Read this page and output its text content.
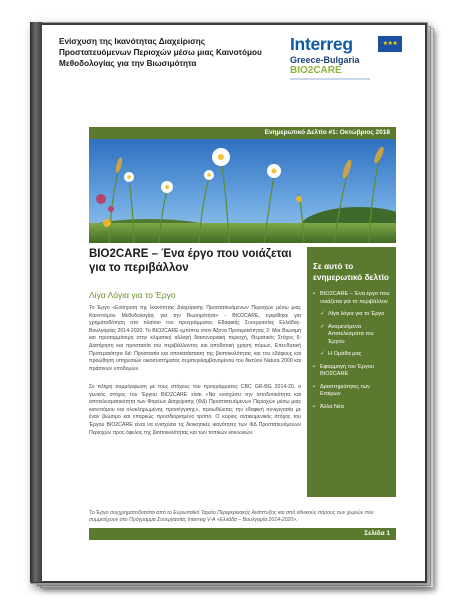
Ενίσχυση της Ικανότητας Διαχείρισης Προστατευόμενων Περιοχών μέσω μιας Καινοτόμου Μεθοδολογίας για την Βιωσιμότητα
Interreg	★★★
Greece-Bulgaria
BIO2CARE
Ενημερωτικό Δελτίο #1: Οκτώβριος 2018
BIO2CARE – Ένα έργο που νοιάζεται για το περιβάλλον
Λίγα Λόγια για το Έργο

Το Έργο «Ενίσχυση της Ικανότητας Διαχείρισης Προστατευόμενων Περιοχών μέσω μιας Καινοτόμου Μεθοδολογίας για την Βιωσιμότητα» - BIO2CARE, εγκρίθηκε για χρηματοδότηση στο πλαίσιο του προγράμματος Εδαφικής Συνεργασίας Ελλάδας-Βουλγαρίας 2014-2020. Το BIO2CARE εμπίπτει στον Άξονα Προτεραιότητας 2: Μια Βιώσιμη και προσαρμόσιμη στην κλιματική αλλαγή διασυνοριακή περιοχή, Θεματικός Στόχος 6: Διατήρηση και προστασία του περιβάλλοντος και αποδοτική χρήση πόρων, Επενδυτική Προτεραιότητα 6d: Προστασία και αποκατάσταση της βιοποικιλότητας και του εδάφους και προώθηση υπηρεσιών οικοσυστήματος συμπεριλαμβανομένου του δικτύου Natura 2000 και πράσινων υποδομών.

Σε πλήρη συμμόρφωση με τους στόχους του προγράμματος CBC GR-BG 2014-20, ο γενικός στόχος του Έργου BIO2CARE είναι «Να ενισχύσει την αποδοτικότητα και αποτελεσματικότητα των Φορέων Διαχείρισης (ΦΔ) Προστατευόμενων Περιοχών μέσω μιας καινοτόμου και ολοκληρωμένης προσέγγισης», προωθώντας την εδαφική συνεργασία με έναν βιώσιμο και επαρκώς προσδιορισμένο τρόπο. Ο κύριος αντικειμενικός στόχος του Έργου BIO2CARE είναι να ενισχύσει τις διοικητικές ικανότητες των ΦΔ Προστατευόμενων Περιοχών προς όφελος της βιοποικιλότητας και των τοπικών κοινωνιών.

Σε αυτό το ενημερωτικό δελτίο
• BIO2CARE – Ένα έργο που νοιάζεται για το περιβάλλον
✓ Λίγα λόγια για το Έργο
✓ Αναμενόμενα Αποτελέσματα του Έργου
✓ Η Ομάδα μας
• Εφαρμογή του Έργου BIO2CARE
• Δραστηριότητες των Εταίρων
• Άλλα Νέα

Το Έργο συγχρηματοδοτείται από το Ευρωπαϊκό Ταμείο Περιφερειακής Ανάπτυξης και από εθνικούς πόρους των χωρών που συμμετέχουν στο Πρόγραμμα Συνεργασίας Interreg V-A «Ελλάδα – Βουλγαρία 2014-2020».

Σελίδα 1
